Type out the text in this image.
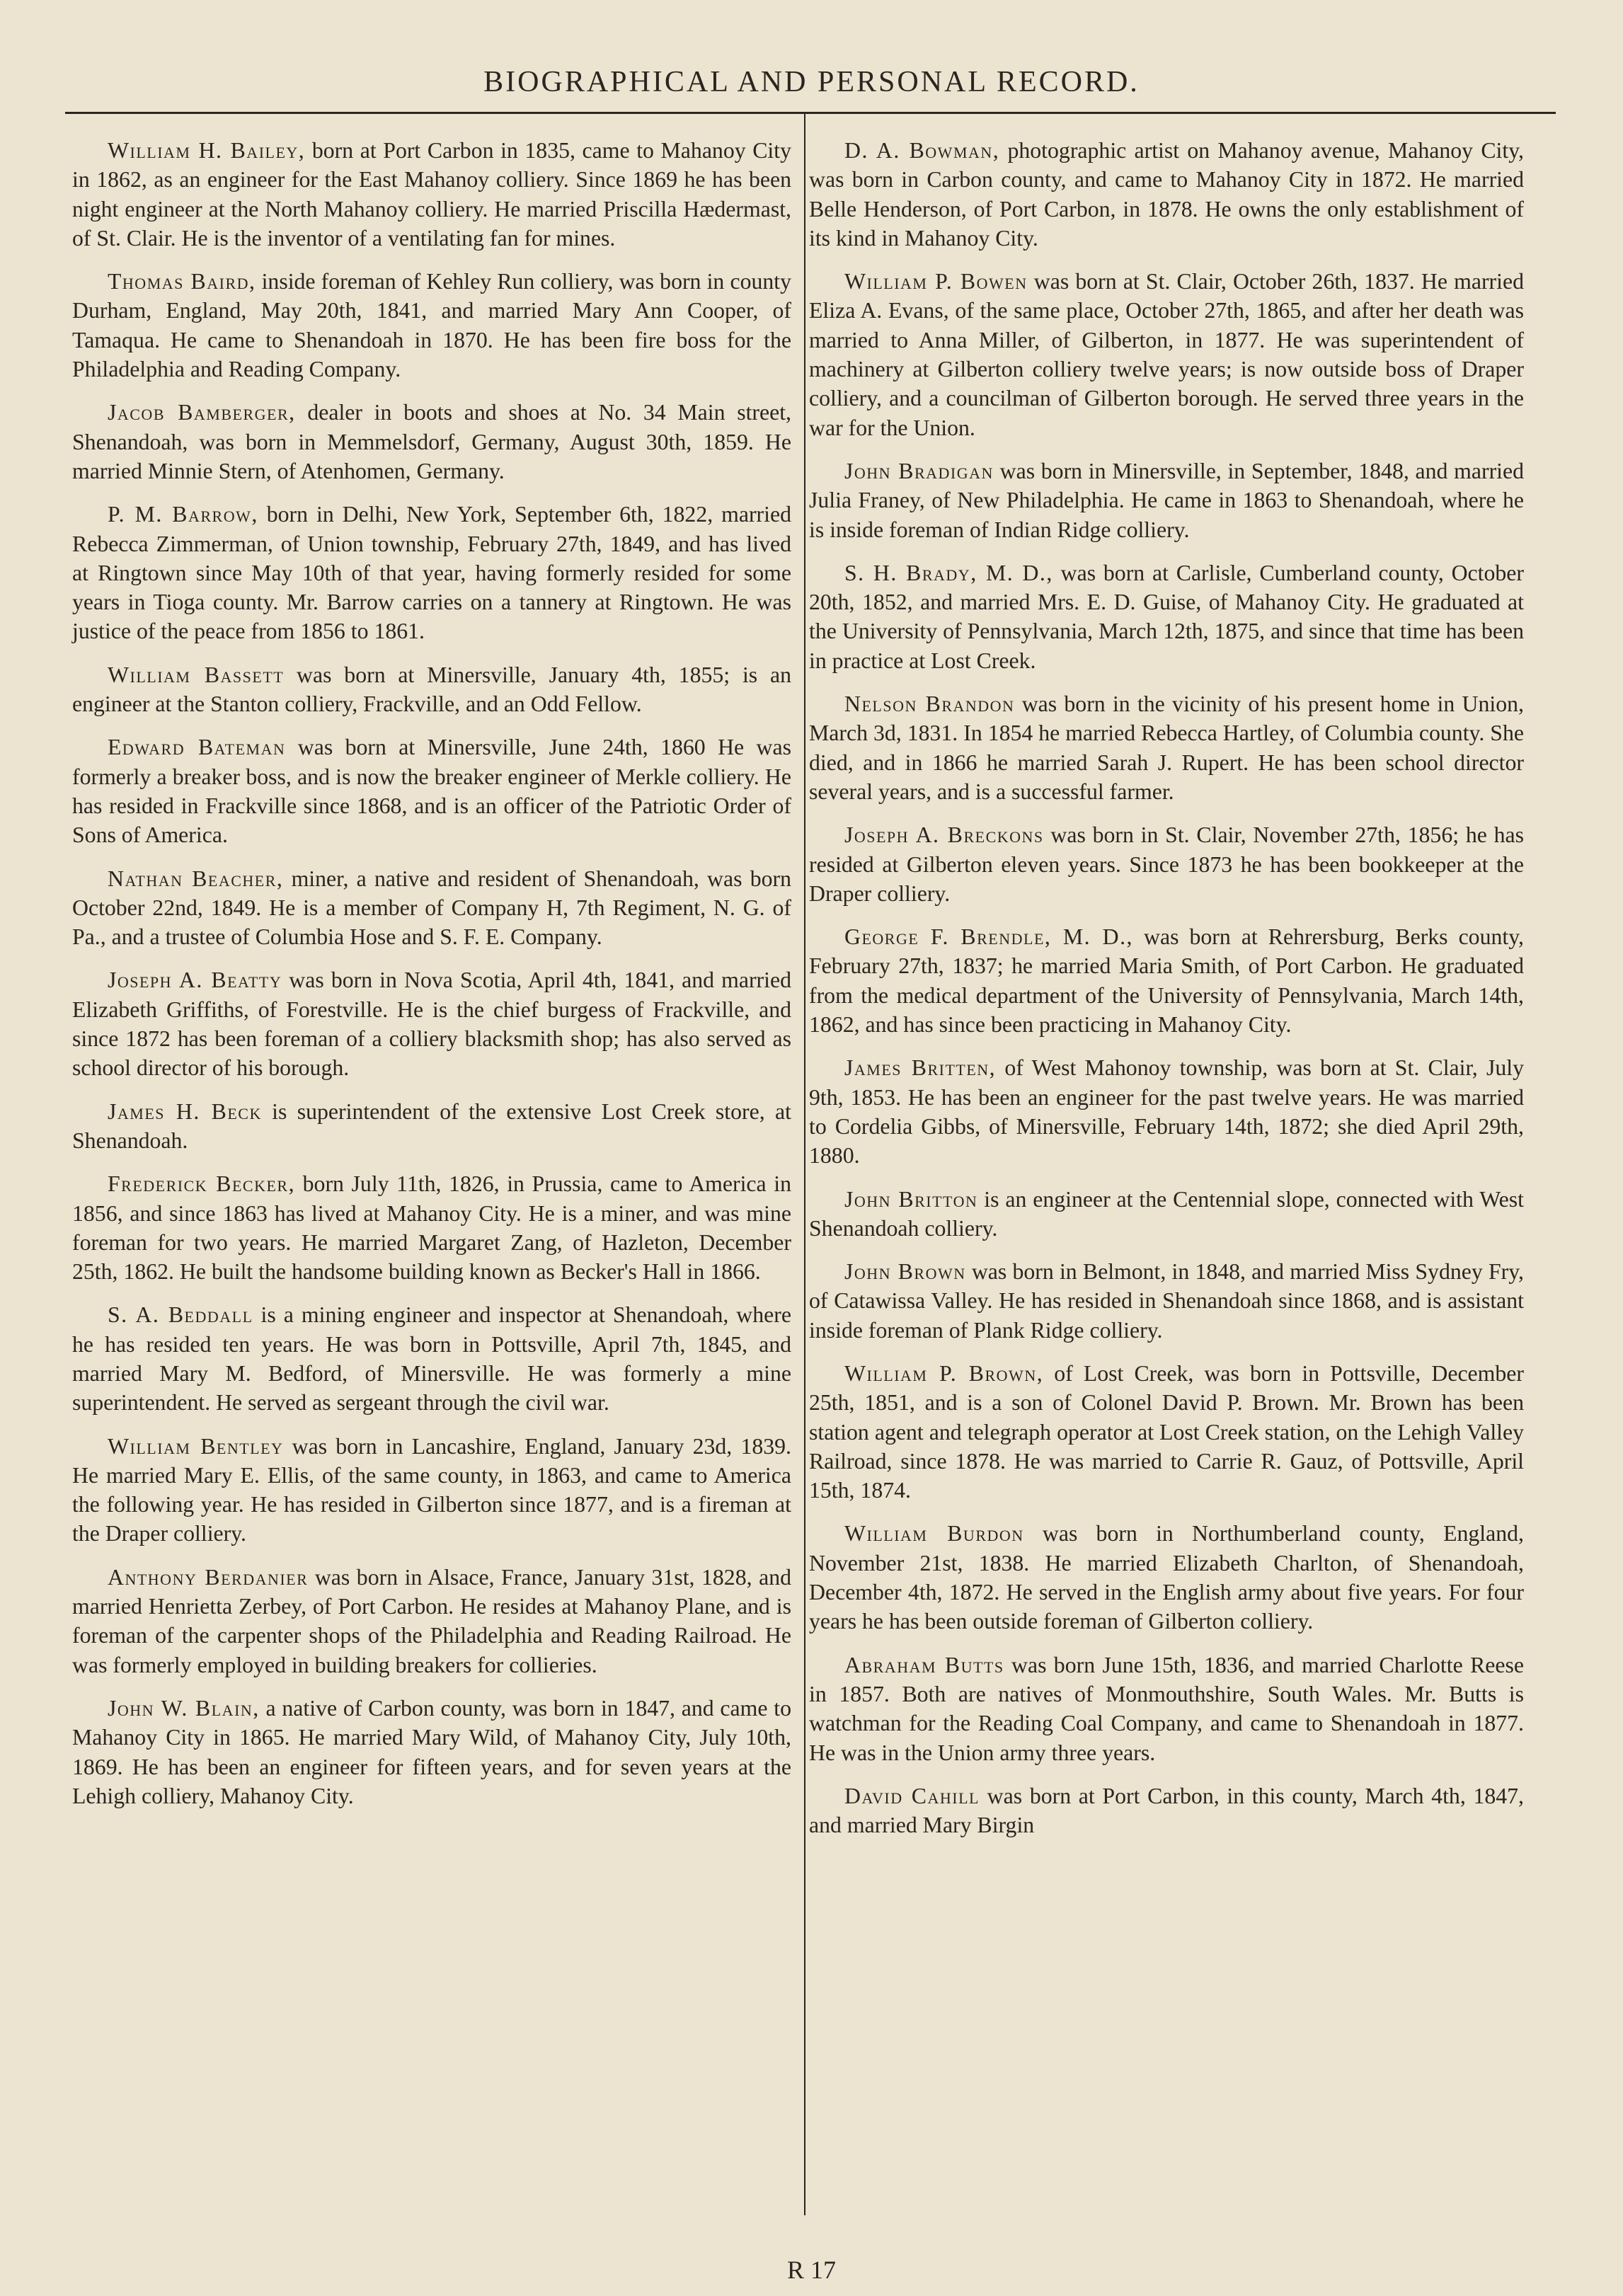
BIOGRAPHICAL AND PERSONAL RECORD.

William H. Bailey, born at Port Carbon in 1835, came to Mahanoy City in 1862, as an engineer for the East Mahanoy colliery. Since 1869 he has been night engineer at the North Mahanoy colliery. He married Priscilla Hædermast, of St. Clair. He is the inventor of a ventilating fan for mines.

Thomas Baird, inside foreman of Kehley Run colliery, was born in county Durham, England, May 20th, 1841, and married Mary Ann Cooper, of Tamaqua. He came to Shenandoah in 1870. He has been fire boss for the Philadelphia and Reading Company.

Jacob Bamberger, dealer in boots and shoes at No. 34 Main street, Shenandoah, was born in Memmelsdorf, Germany, August 30th, 1859. He married Minnie Stern, of Atenhomen, Germany.

P. M. Barrow, born in Delhi, New York, September 6th, 1822, married Rebecca Zimmerman, of Union township, February 27th, 1849, and has lived at Ringtown since May 10th of that year, having formerly resided for some years in Tioga county. Mr. Barrow carries on a tannery at Ringtown. He was justice of the peace from 1856 to 1861.

William Bassett was born at Minersville, January 4th, 1855; is an engineer at the Stanton colliery, Frackville, and an Odd Fellow.

Edward Bateman was born at Minersville, June 24th, 1860 He was formerly a breaker boss, and is now the breaker engineer of Merkle colliery. He has resided in Frackville since 1868, and is an officer of the Patriotic Order of Sons of America.

Nathan Beacher, miner, a native and resident of Shenandoah, was born October 22nd, 1849. He is a member of Company H, 7th Regiment, N. G. of Pa., and a trustee of Columbia Hose and S. F. E. Company.

Joseph A. Beatty was born in Nova Scotia, April 4th, 1841, and married Elizabeth Griffiths, of Forestville. He is the chief burgess of Frackville, and since 1872 has been foreman of a colliery blacksmith shop; has also served as school director of his borough.

James H. Beck is superintendent of the extensive Lost Creek store, at Shenandoah.

Frederick Becker, born July 11th, 1826, in Prussia, came to America in 1856, and since 1863 has lived at Mahanoy City. He is a miner, and was mine foreman for two years. He married Margaret Zang, of Hazleton, December 25th, 1862. He built the handsome building known as Becker's Hall in 1866.

S. A. Beddall is a mining engineer and inspector at Shenandoah, where he has resided ten years. He was born in Pottsville, April 7th, 1845, and married Mary M. Bedford, of Minersville. He was formerly a mine superintendent. He served as sergeant through the civil war.

William Bentley was born in Lancashire, England, January 23d, 1839. He married Mary E. Ellis, of the same county, in 1863, and came to America the following year. He has resided in Gilberton since 1877, and is a fireman at the Draper colliery.

Anthony Berdanier was born in Alsace, France, January 31st, 1828, and married Henrietta Zerbey, of Port Carbon. He resides at Mahanoy Plane, and is foreman of the carpenter shops of the Philadelphia and Reading Railroad. He was formerly employed in building breakers for collieries.

John W. Blain, a native of Carbon county, was born in 1847, and came to Mahanoy City in 1865. He married Mary Wild, of Mahanoy City, July 10th, 1869. He has been an engineer for fifteen years, and for seven years at the Lehigh colliery, Mahanoy City.

D. A. Bowman, photographic artist on Mahanoy avenue, Mahanoy City, was born in Carbon county, and came to Mahanoy City in 1872. He married Belle Henderson, of Port Carbon, in 1878. He owns the only establishment of its kind in Mahanoy City.

William P. Bowen was born at St. Clair, October 26th, 1837. He married Eliza A. Evans, of the same place, October 27th, 1865, and after her death was married to Anna Miller, of Gilberton, in 1877. He was superintendent of machinery at Gilberton colliery twelve years; is now outside boss of Draper colliery, and a councilman of Gilberton borough. He served three years in the war for the Union.

John Bradigan was born in Minersville, in September, 1848, and married Julia Franey, of New Philadelphia. He came in 1863 to Shenandoah, where he is inside foreman of Indian Ridge colliery.

S. H. Brady, M. D., was born at Carlisle, Cumberland county, October 20th, 1852, and married Mrs. E. D. Guise, of Mahanoy City. He graduated at the University of Pennsylvania, March 12th, 1875, and since that time has been in practice at Lost Creek.

Nelson Brandon was born in the vicinity of his present home in Union, March 3d, 1831. In 1854 he married Rebecca Hartley, of Columbia county. She died, and in 1866 he married Sarah J. Rupert. He has been school director several years, and is a successful farmer.

Joseph A. Breckons was born in St. Clair, November 27th, 1856; he has resided at Gilberton eleven years. Since 1873 he has been bookkeeper at the Draper colliery.

George F. Brendle, M. D., was born at Rehrersburg, Berks county, February 27th, 1837; he married Maria Smith, of Port Carbon. He graduated from the medical department of the University of Pennsylvania, March 14th, 1862, and has since been practicing in Mahanoy City.

James Britten, of West Mahonoy township, was born at St. Clair, July 9th, 1853. He has been an engineer for the past twelve years. He was married to Cordelia Gibbs, of Minersville, February 14th, 1872; she died April 29th, 1880.

John Britton is an engineer at the Centennial slope, connected with West Shenandoah colliery.

John Brown was born in Belmont, in 1848, and married Miss Sydney Fry, of Catawissa Valley. He has resided in Shenandoah since 1868, and is assistant inside foreman of Plank Ridge colliery.

William P. Brown, of Lost Creek, was born in Pottsville, December 25th, 1851, and is a son of Colonel David P. Brown. Mr. Brown has been station agent and telegraph operator at Lost Creek station, on the Lehigh Valley Railroad, since 1878. He was married to Carrie R. Gauz, of Pottsville, April 15th, 1874.

William Burdon was born in Northumberland county, England, November 21st, 1838. He married Elizabeth Charlton, of Shenandoah, December 4th, 1872. He served in the English army about five years. For four years he has been outside foreman of Gilberton colliery.

Abraham Butts was born June 15th, 1836, and married Charlotte Reese in 1857. Both are natives of Monmouthshire, South Wales. Mr. Butts is watchman for the Reading Coal Company, and came to Shenandoah in 1877. He was in the Union army three years.

David Cahill was born at Port Carbon, in this county, March 4th, 1847, and married Mary Birgin

R 17
